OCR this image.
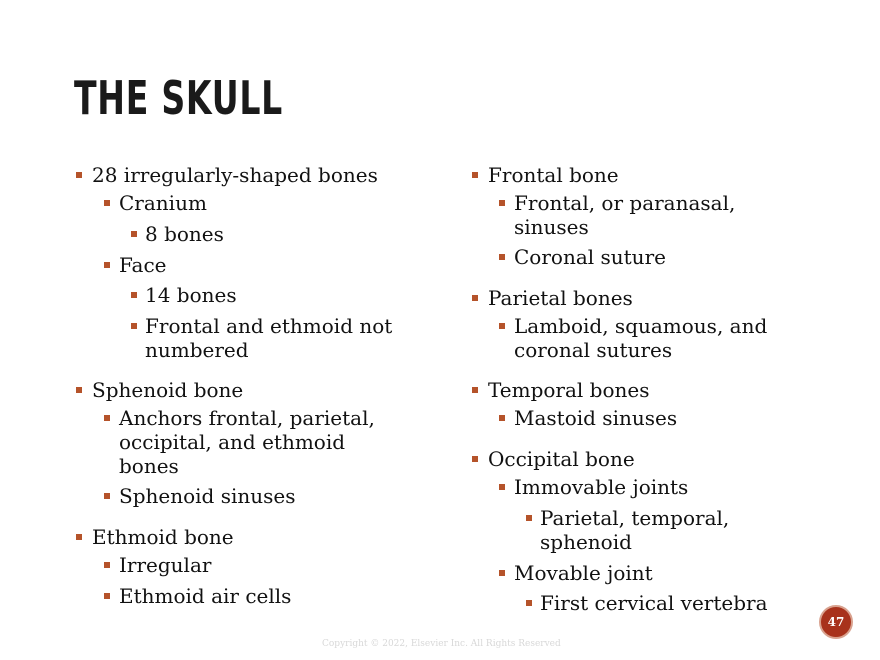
THE SKULL
28 irregularly-shaped bones
Cranium
8 bones
Face
14 bones
Frontal and ethmoid not
numbered
Sphenoid bone
Anchors frontal, parietal,
occipital, and ethmoid
bones
Sphenoid sinuses
Ethmoid bone
Irregular
Ethmoid air cells
Frontal bone
Frontal, or paranasal,
sinuses
Coronal suture
Parietal bones
Lamboid, squamous, and
coronal sutures
Temporal bones
Mastoid sinuses
Occipital bone
Immovable joints
Parietal, temporal,
sphenoid
Movable joint
First cervical vertebra
47
Copyright © 2022, Elsevier Inc. All Rights Reserved
